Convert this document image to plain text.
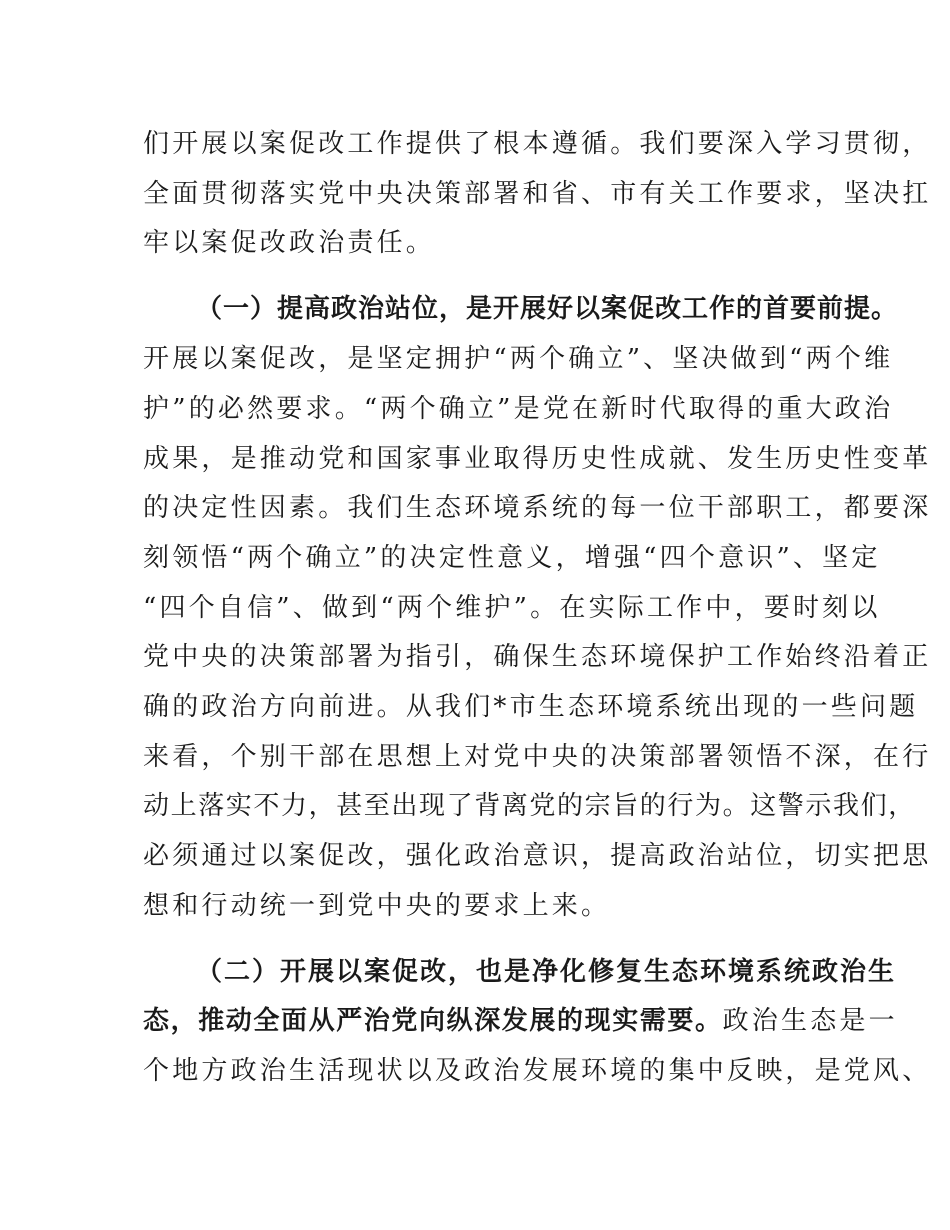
们开展以案促改工作提供了根本遵循。我们要深入学习贯彻，
全面贯彻落实党中央决策部署和省、市有关工作要求，坚决扛
牢以案促改政治责任。
（一）提高政治站位，是开展好以案促改工作的首要前提。
开展以案促改，是坚定拥护“两个确立”、坚决做到“两个维
护”的必然要求。“两个确立”是党在新时代取得的重大政治
成果，是推动党和国家事业取得历史性成就、发生历史性变革
的决定性因素。我们生态环境系统的每一位干部职工，都要深
刻领悟“两个确立”的决定性意义，增强“四个意识”、坚定
“四个自信”、做到“两个维护”。在实际工作中，要时刻以
党中央的决策部署为指引，确保生态环境保护工作始终沿着正
确的政治方向前进。从我们*市生态环境系统出现的一些问题
来看，个别干部在思想上对党中央的决策部署领悟不深，在行
动上落实不力，甚至出现了背离党的宗旨的行为。这警示我们，
必须通过以案促改，强化政治意识，提高政治站位，切实把思
想和行动统一到党中央的要求上来。
（二）开展以案促改，也是净化修复生态环境系统政治生
态，推动全面从严治党向纵深发展的现实需要。政治生态是一
个地方政治生活现状以及政治发展环境的集中反映，是党风、
